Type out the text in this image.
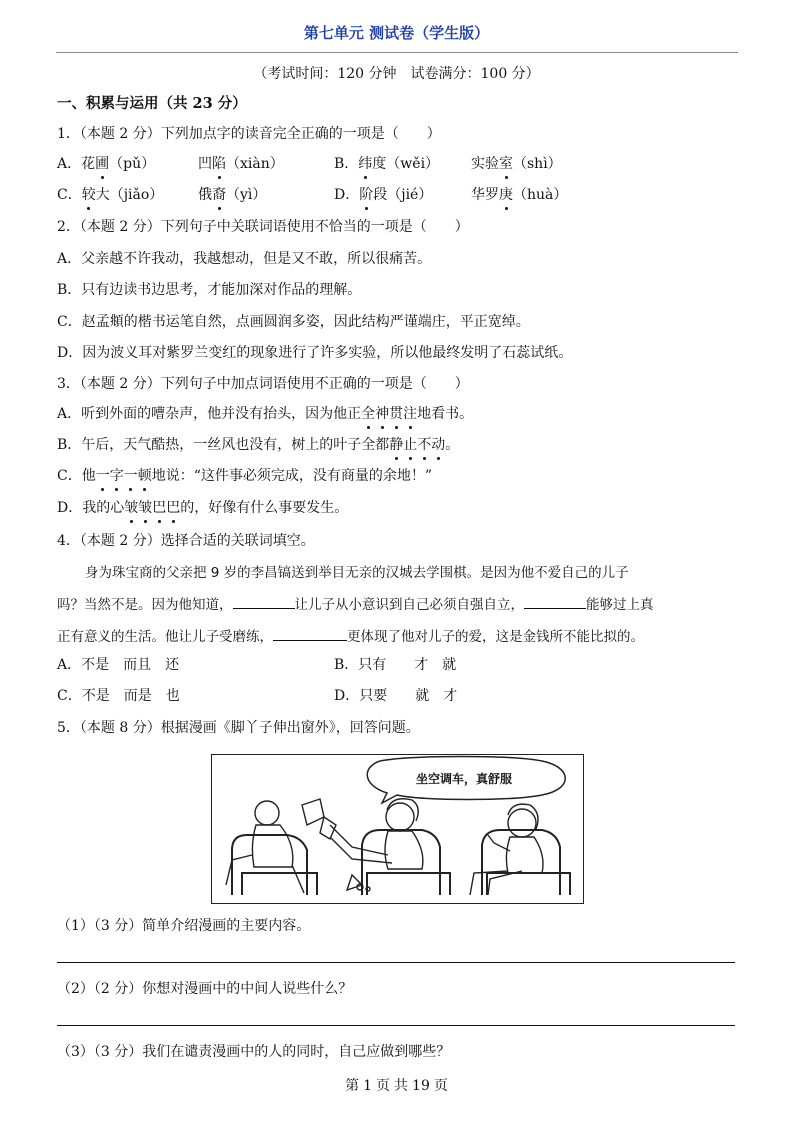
第七单元 测试卷（学生版）
（考试时间：120 分钟　试卷满分：100 分）
一、积累与运用（共 23 分）
1．（本题 2 分）下列加点字的读音完全正确的一项是（　　）
A．花圃（pǔ）	凹陷（xiàn）	B．纬度（wěi） 实验室（shì）
C．较大（jiǎo） 俄裔（yì）	D．阶段（jié）	华罗庚（huà）
2．（本题 2 分）下列句子中关联词语使用不恰当的一项是（　　）
A．父亲越不许我动，我越想动，但是又不敢，所以很痛苦。
B．只有边读书边思考，才能加深对作品的理解。
C．赵孟頫的楷书运笔自然，点画圆润多姿，因此结构严谨端庄，平正宽绰。
D．因为波义耳对紫罗兰变红的现象进行了许多实验，所以他最终发明了石蕊试纸。
3．（本题 2 分）下列句子中加点词语使用不正确的一项是（　　）
A．听到外面的嘈杂声，他并没有抬头，因为他正全神贯注地看书。
B．午后，天气酷热，一丝风也没有，树上的叶子全都静止不动。
C．他一字一顿地说：“这件事必须完成，没有商量的余地！”
D．我的心皱皱巴巴的，好像有什么事要发生。
4．（本题 2 分）选择合适的关联词填空。
身为珠宝商的父亲把 9 岁的李昌镐送到举目无亲的汉城去学围棋。是因为他不爱自己的儿子
吗？当然不是。因为他知道，	让儿子从小意识到自己必须自强自立，	能够过上真
正有意义的生活。他让儿子受磨练，	更体现了他对儿子的爱，这是金钱所不能比拟的。
A．不是　而且　还	B．只有　　才　就
C．不是　而是　也	D．只要　　就　才
5．（本题 8 分）根据漫画《脚丫子伸出窗外》，回答问题。
坐空调车，真舒服
（1）（3 分）简单介绍漫画的主要内容。
（2）（2 分）你想对漫画中的中间人说些什么？
（3）（3 分）我们在谴责漫画中的人的同时，自己应做到哪些？
第 1 页 共 19 页
